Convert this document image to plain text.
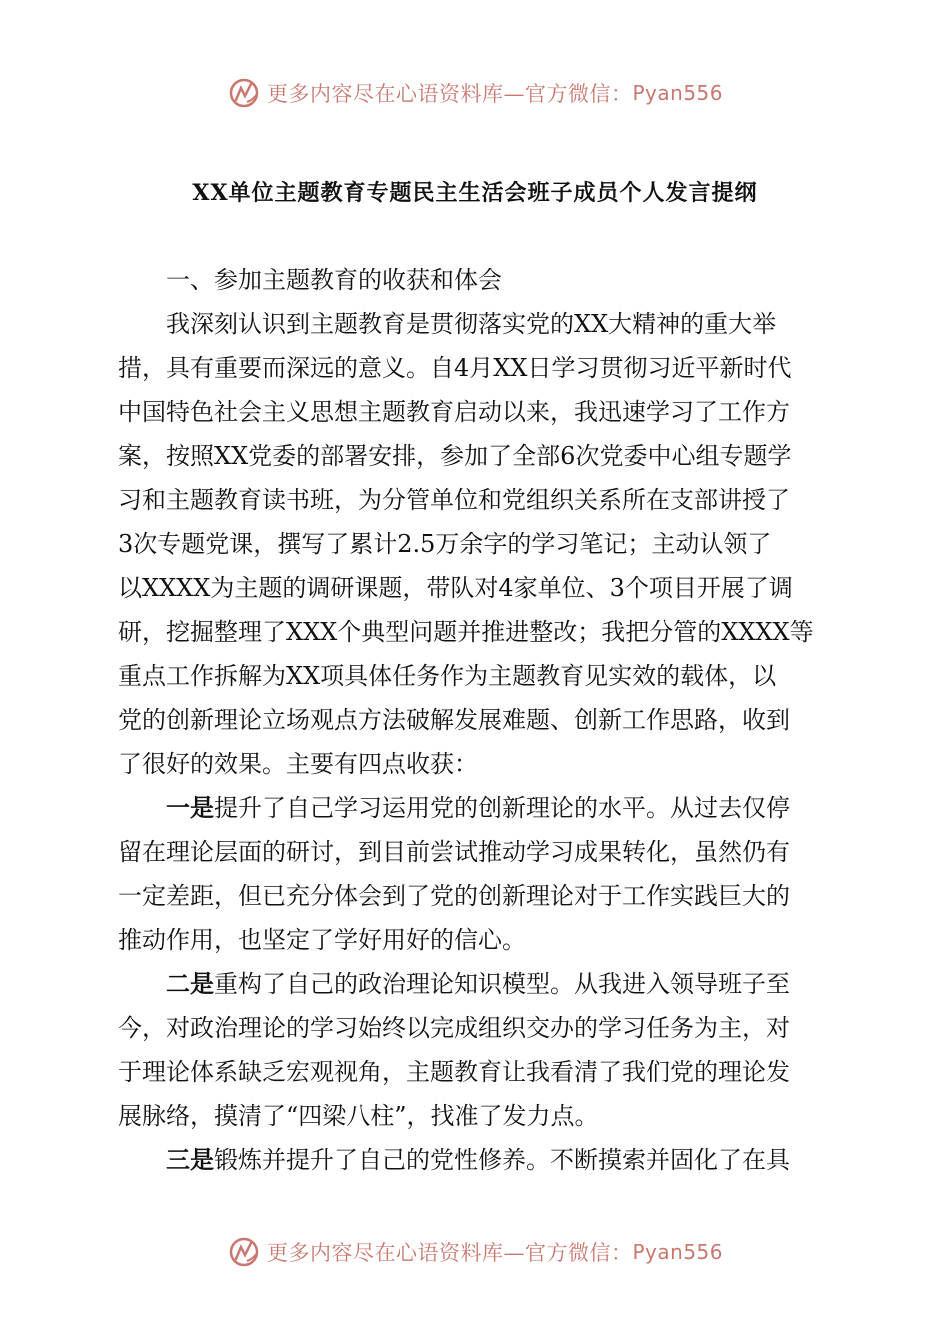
更多内容尽在心语资料库—官方微信： Pyan556
XX单位主题教育专题民主生活会班子成员个人发言提纲

一、参加主题教育的收获和体会

我深刻认识到主题教育是贯彻落实党的XX大精神的重大举
措，具有重要而深远的意义。自4月XX日学习贯彻习近平新时代
中国特色社会主义思想主题教育启动以来，我迅速学习了工作方
案，按照XX党委的部署安排，参加了全部6次党委中心组专题学
习和主题教育读书班，为分管单位和党组织关系所在支部讲授了
3次专题党课，撰写了累计2.5万余字的学习笔记；主动认领了
以XXXX为主题的调研课题，带队对4家单位、3个项目开展了调
研，挖掘整理了XXX个典型问题并推进整改；我把分管的XXXX等
重点工作拆解为XX项具体任务作为主题教育见实效的载体，以
党的创新理论立场观点方法破解发展难题、创新工作思路，收到
了很好的效果。主要有四点收获：

一是提升了自己学习运用党的创新理论的水平。从过去仅停
留在理论层面的研讨，到目前尝试推动学习成果转化，虽然仍有
一定差距，但已充分体会到了党的创新理论对于工作实践巨大的
推动作用，也坚定了学好用好的信心。

二是重构了自己的政治理论知识模型。从我进入领导班子至
今，对政治理论的学习始终以完成组织交办的学习任务为主，对
于理论体系缺乏宏观视角，主题教育让我看清了我们党的理论发
展脉络，摸清了“四梁八柱”，找准了发力点。

三是锻炼并提升了自己的党性修养。不断摸索并固化了在具

更多内容尽在心语资料库—官方微信： Pyan556
